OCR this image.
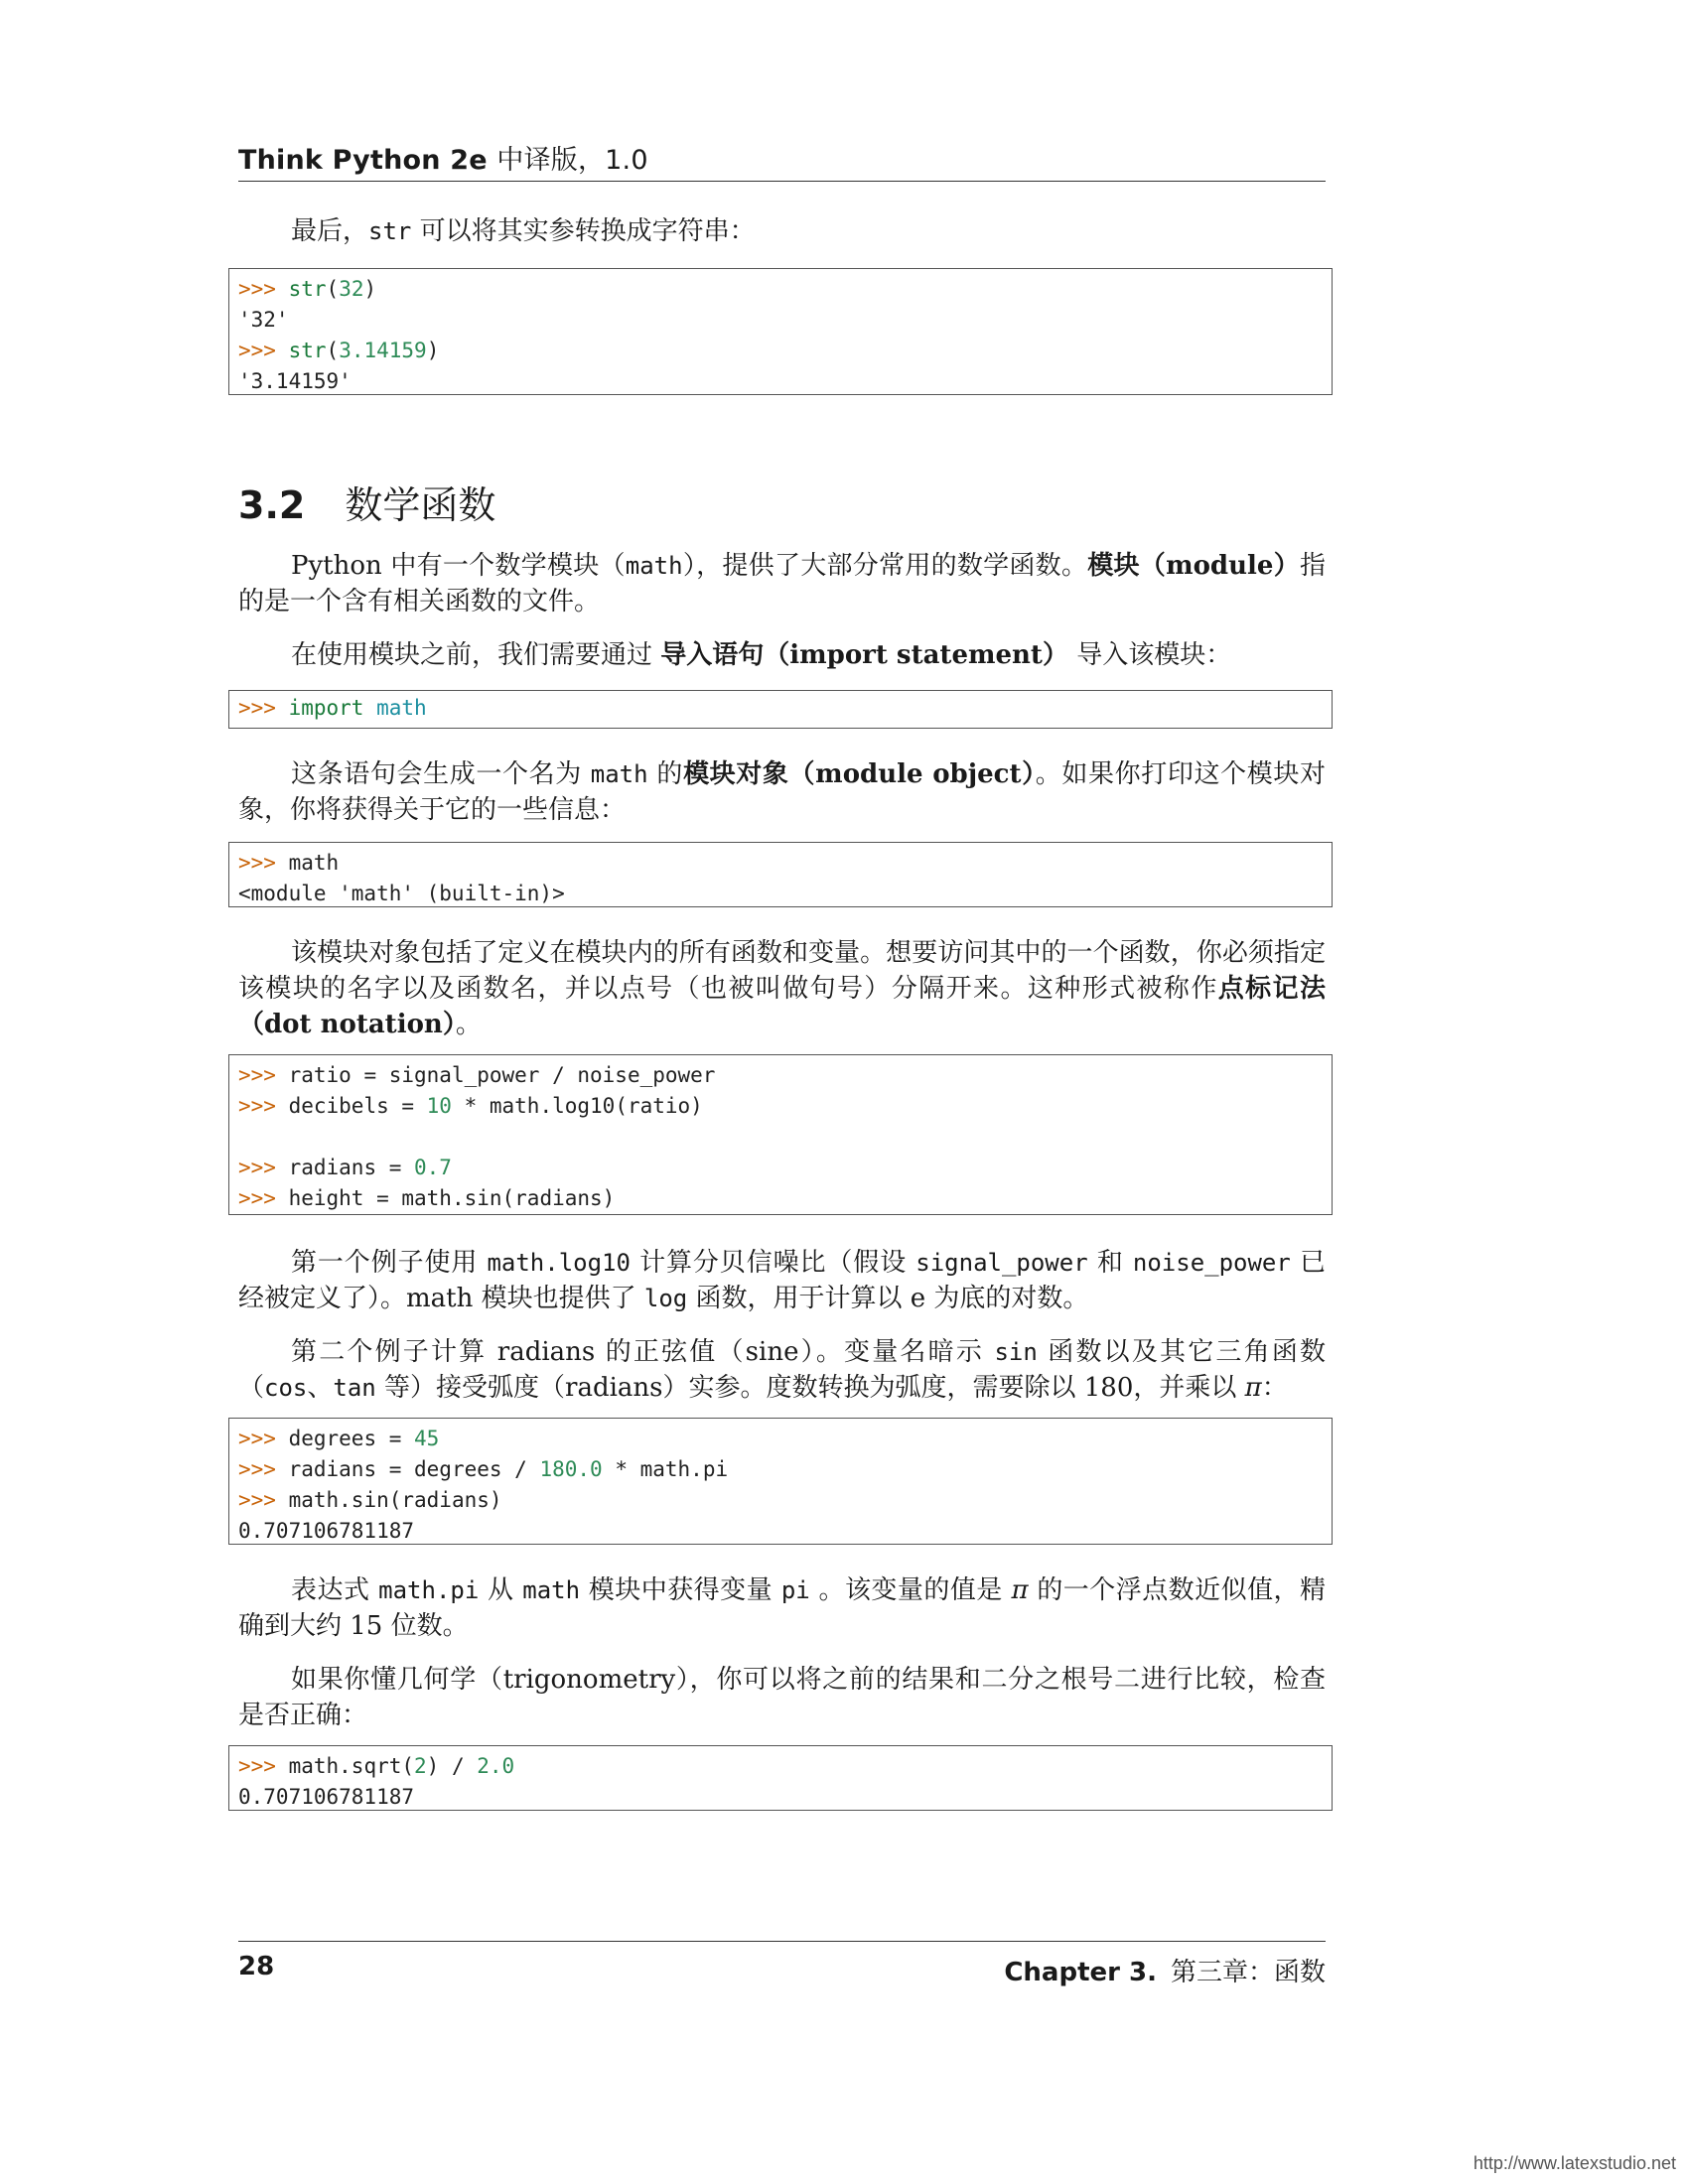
Think Python 2e 中译版，1.0

最后，str 可以将其实参转换成字符串：

>>> str(32)
'32'
>>> str(3.14159)
'3.14159'
3.2 数学函数

Python 中有一个数学模块（math），提供了大部分常用的数学函数。模块（module）指的是一个含有相关函数的文件。

在使用模块之前，我们需要通过 导入语句（import statement） 导入该模块：

>>> import math

这条语句会生成一个名为 math 的模块对象（module object）。如果你打印这个模块对象，你将获得关于它的一些信息：

>>> math
<module 'math' (built-in)>

该模块对象包括了定义在模块内的所有函数和变量。想要访问其中的一个函数，你必须指定该模块的名字以及函数名，并以点号（也被叫做句号）分隔开来。这种形式被称作点标记法（dot notation）。

>>> ratio = signal_power / noise_power
>>> decibels = 10 * math.log10(ratio)
>>> radians = 0.7
>>> height = math.sin(radians)

第一个例子使用 math.log10 计算分贝信噪比（假设 signal_power 和 noise_power 已经被定义了）。math 模块也提供了 log 函数，用于计算以 e 为底的对数。

第二个例子计算 radians 的正弦值（sine）。变量名暗示 sin 函数以及其它三角函数（cos、tan 等）接受弧度（radians）实参。度数转换为弧度，需要除以 180，并乘以 π：

>>> degrees = 45
>>> radians = degrees / 180.0 * math.pi
>>> math.sin(radians)
0.707106781187

表达式 math.pi 从 math 模块中获得变量 pi 。该变量的值是 π 的一个浮点数近似值，精确到大约 15 位数。

如果你懂几何学（trigonometry），你可以将之前的结果和二分之根号二进行比较，检查是否正确：

>>> math.sqrt(2) / 2.0
0.707106781187
28	Chapter 3. 第三章：函数
http://www.latexstudio.net
